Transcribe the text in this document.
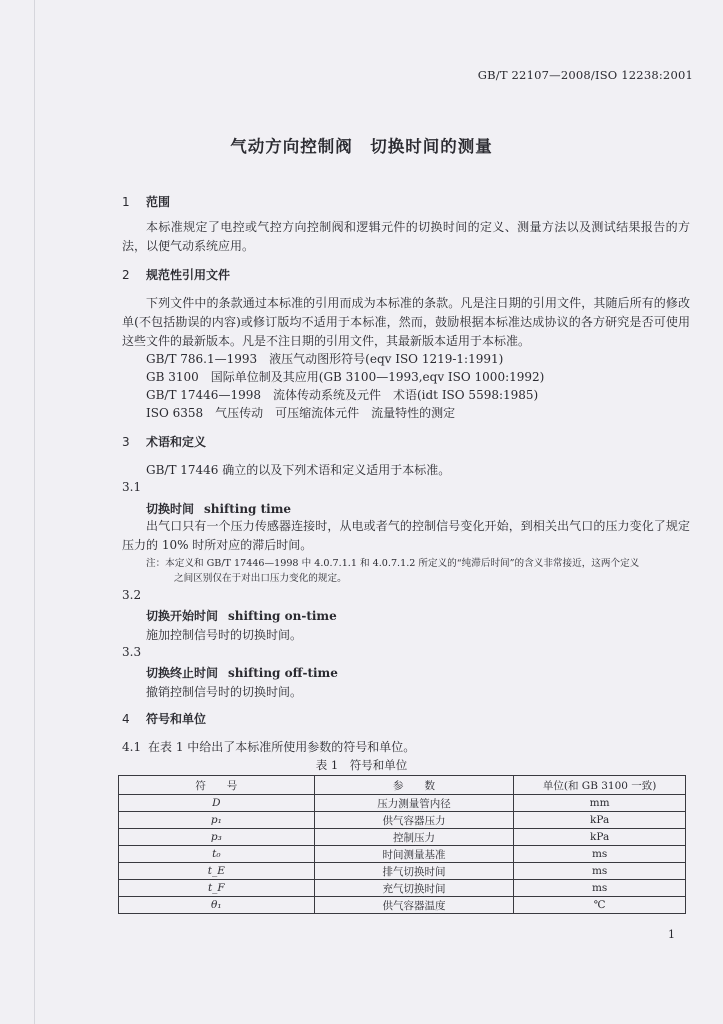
GB/T 22107—2008/ISO 12238:2001
气动方向控制阀　切换时间的测量
1 范围
本标准规定了电控或气控方向控制阀和逻辑元件的切换时间的定义、测量方法以及测试结果报告的方法，以便气动系统应用。
2 规范性引用文件
下列文件中的条款通过本标准的引用而成为本标准的条款。凡是注日期的引用文件，其随后所有的修改单(不包括勘误的内容)或修订版均不适用于本标准，然而，鼓励根据本标准达成协议的各方研究是否可使用这些文件的最新版本。凡是不注日期的引用文件，其最新版本适用于本标准。
GB/T 786.1—1993　液压气动图形符号(eqv ISO 1219-1:1991)
GB 3100　国际单位制及其应用(GB 3100—1993,eqv ISO 1000:1992)
GB/T 17446—1998　流体传动系统及元件　术语(idt ISO 5598:1985)
ISO 6358　气压传动　可压缩流体元件　流量特性的测定
3 术语和定义
GB/T 17446 确立的以及下列术语和定义适用于本标准。
3.1
切换时间 shifting time
出气口只有一个压力传感器连接时，从电或者气的控制信号变化开始，到相关出气口的压力变化了规定压力的 10% 时所对应的滞后时间。
注：本定义和 GB/T 17446—1998 中 4.0.7.1.1 和 4.0.7.1.2 所定义的“纯滞后时间”的含义非常接近，这两个定义
之间区别仅在于对出口压力变化的规定。
3.2
切换开始时间 shifting on-time
施加控制信号时的切换时间。
3.3
切换终止时间 shifting off-time
撤销控制信号时的切换时间。
4 符号和单位
4.1 在表 1 中给出了本标准所使用参数的符号和单位。
表 1　符号和单位
符　　号	参　　数	单位(和 GB 3100 一致)
D	压力测量管内径	mm
p₁	供气容器压力	kPa
p₃	控制压力	kPa
t₀	时间测量基准	ms
t_E	排气切换时间	ms
t_F	充气切换时间	ms
θ₁	供气容器温度	℃
1
